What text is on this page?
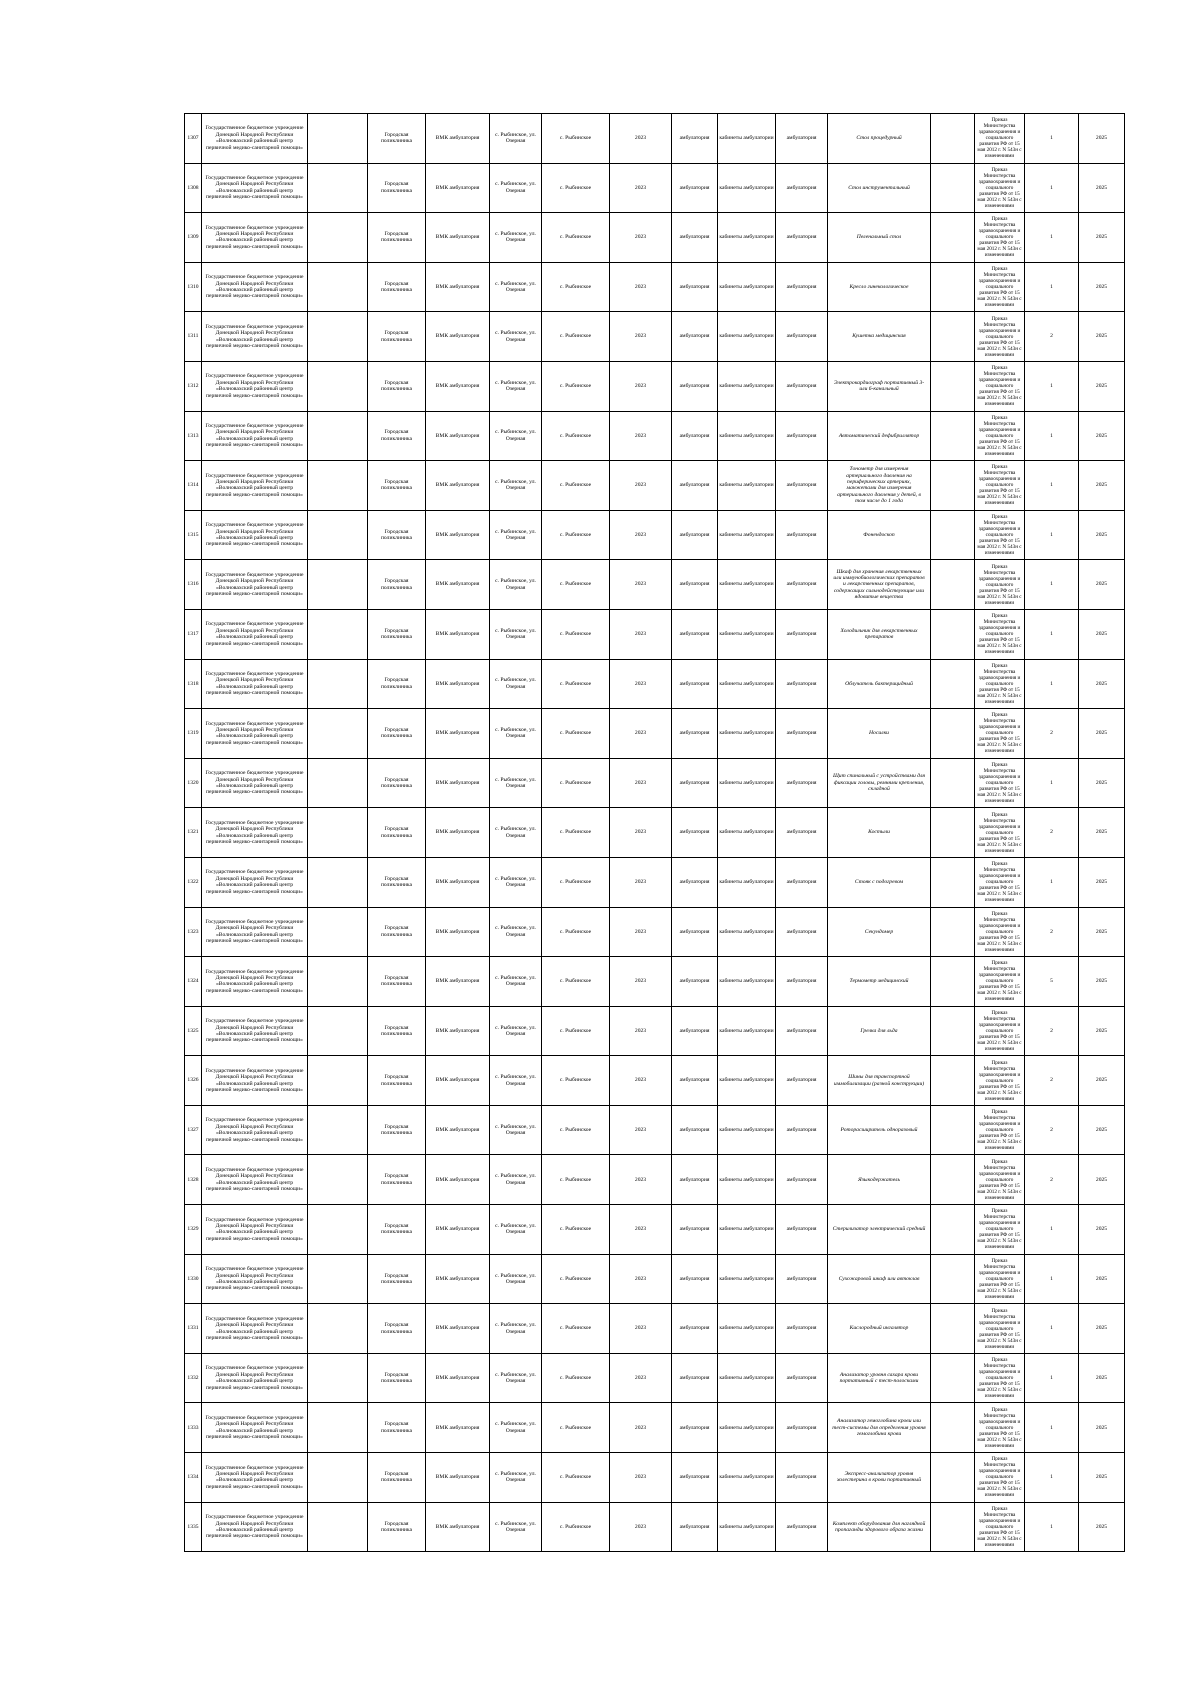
1307	Государственное бюджетное учреждение Донецкой Народной Республики «Волновахский районный центр первичной медико-санитарной помощи»		Городская поликлиника	ВМК амбулатория	с. Рыбинское, ул. Озерная	с. Рыбинское	2023	амбулатория	кабинеты амбулатории	амбулатория	Стол процедурный		Приказ Министерства здравоохранения и социального развития РФ от 15 мая 2012 г. N 543н с изменениями	1	2025
1308	Государственное бюджетное учреждение Донецкой Народной Республики «Волновахский районный центр первичной медико-санитарной помощи»		Городская поликлиника	ВМК амбулатория	с. Рыбинское, ул. Озерная	с. Рыбинское	2023	амбулатория	кабинеты амбулатории	амбулатория	Стол инструментальный		Приказ Министерства здравоохранения и социального развития РФ от 15 мая 2012 г. N 543н с изменениями	1	2025
1309	Государственное бюджетное учреждение Донецкой Народной Республики «Волновахский районный центр первичной медико-санитарной помощи»		Городская поликлиника	ВМК амбулатория	с. Рыбинское, ул. Озерная	с. Рыбинское	2023	амбулатория	кабинеты амбулатории	амбулатория	Пеленальный стол		Приказ Министерства здравоохранения и социального развития РФ от 15 мая 2012 г. N 543н с изменениями	1	2025
1310	Государственное бюджетное учреждение Донецкой Народной Республики «Волновахский районный центр первичной медико-санитарной помощи»		Городская поликлиника	ВМК амбулатория	с. Рыбинское, ул. Озерная	с. Рыбинское	2023	амбулатория	кабинеты амбулатории	амбулатория	Кресло гинекологическое		Приказ Министерства здравоохранения и социального развития РФ от 15 мая 2012 г. N 543н с изменениями	1	2025
1311	Государственное бюджетное учреждение Донецкой Народной Республики «Волновахский районный центр первичной медико-санитарной помощи»		Городская поликлиника	ВМК амбулатория	с. Рыбинское, ул. Озерная	с. Рыбинское	2023	амбулатория	кабинеты амбулатории	амбулатория	Кушетка медицинская		Приказ Министерства здравоохранения и социального развития РФ от 15 мая 2012 г. N 543н с изменениями	2	2025
1312	Государственное бюджетное учреждение Донецкой Народной Республики «Волновахский районный центр первичной медико-санитарной помощи»		Городская поликлиника	ВМК амбулатория	с. Рыбинское, ул. Озерная	с. Рыбинское	2023	амбулатория	кабинеты амбулатории	амбулатория	Электрокардиограф портативный 3-или 6-канальный		Приказ Министерства здравоохранения и социального развития РФ от 15 мая 2012 г. N 543н с изменениями	1	2025
1313	Государственное бюджетное учреждение Донецкой Народной Республики «Волновахский районный центр первичной медико-санитарной помощи»		Городская поликлиника	ВМК амбулатория	с. Рыбинское, ул. Озерная	с. Рыбинское	2023	амбулатория	кабинеты амбулатории	амбулатория	Автоматический дефибриллятор		Приказ Министерства здравоохранения и социального развития РФ от 15 мая 2012 г. N 543н с изменениями	1	2025
1314	Государственное бюджетное учреждение Донецкой Народной Республики «Волновахский районный центр первичной медико-санитарной помощи»		Городская поликлиника	ВМК амбулатория	с. Рыбинское, ул. Озерная	с. Рыбинское	2023	амбулатория	кабинеты амбулатории	амбулатория	Тонометр для измерения артериального давления на периферических артериях, манжетами для измерения артериального давления у детей, в том числе до 1 года		Приказ Министерства здравоохранения и социального развития РФ от 15 мая 2012 г. N 543н с изменениями	1	2025
1315	Государственное бюджетное учреждение Донецкой Народной Республики «Волновахский районный центр первичной медико-санитарной помощи»		Городская поликлиника	ВМК амбулатория	с. Рыбинское, ул. Озерная	с. Рыбинское	2023	амбулатория	кабинеты амбулатории	амбулатория	Фонендоскоп		Приказ Министерства здравоохранения и социального развития РФ от 15 мая 2012 г. N 543н с изменениями	1	2025
1316	Государственное бюджетное учреждение Донецкой Народной Республики «Волновахский районный центр первичной медико-санитарной помощи»		Городская поликлиника	ВМК амбулатория	с. Рыбинское, ул. Озерная	с. Рыбинское	2023	амбулатория	кабинеты амбулатории	амбулатория	Шкаф для хранения лекарственных или иммунобиологических препаратов и лекарственных препаратов, содержащих сильнодействующие или ядовитые вещества		Приказ Министерства здравоохранения и социального развития РФ от 15 мая 2012 г. N 543н с изменениями	1	2025
1317	Государственное бюджетное учреждение Донецкой Народной Республики «Волновахский районный центр первичной медико-санитарной помощи»		Городская поликлиника	ВМК амбулатория	с. Рыбинское, ул. Озерная	с. Рыбинское	2023	амбулатория	кабинеты амбулатории	амбулатория	Холодильник для лекарственных препаратов		Приказ Министерства здравоохранения и социального развития РФ от 15 мая 2012 г. N 543н с изменениями	1	2025
1318	Государственное бюджетное учреждение Донецкой Народной Республики «Волновахский районный центр первичной медико-санитарной помощи»		Городская поликлиника	ВМК амбулатория	с. Рыбинское, ул. Озерная	с. Рыбинское	2023	амбулатория	кабинеты амбулатории	амбулатория	Облучатель бактерицидный		Приказ Министерства здравоохранения и социального развития РФ от 15 мая 2012 г. N 543н с изменениями	1	2025
1319	Государственное бюджетное учреждение Донецкой Народной Республики «Волновахский районный центр первичной медико-санитарной помощи»		Городская поликлиника	ВМК амбулатория	с. Рыбинское, ул. Озерная	с. Рыбинское	2023	амбулатория	кабинеты амбулатории	амбулатория	Носилки		Приказ Министерства здравоохранения и социального развития РФ от 15 мая 2012 г. N 543н с изменениями	2	2025
1320	Государственное бюджетное учреждение Донецкой Народной Республики «Волновахский районный центр первичной медико-санитарной помощи»		Городская поликлиника	ВМК амбулатория	с. Рыбинское, ул. Озерная	с. Рыбинское	2023	амбулатория	кабинеты амбулатории	амбулатория	Щит спинальный с устройствами для фиксации головы, ремнями крепления, складной		Приказ Министерства здравоохранения и социального развития РФ от 15 мая 2012 г. N 543н с изменениями	1	2025
1321	Государственное бюджетное учреждение Донецкой Народной Республики «Волновахский районный центр первичной медико-санитарной помощи»		Городская поликлиника	ВМК амбулатория	с. Рыбинское, ул. Озерная	с. Рыбинское	2023	амбулатория	кабинеты амбулатории	амбулатория	Костыли		Приказ Министерства здравоохранения и социального развития РФ от 15 мая 2012 г. N 543н с изменениями	2	2025
1322	Государственное бюджетное учреждение Донецкой Народной Республики «Волновахский районный центр первичной медико-санитарной помощи»		Городская поликлиника	ВМК амбулатория	с. Рыбинское, ул. Озерная	с. Рыбинское	2023	амбулатория	кабинеты амбулатории	амбулатория	Стояк с подогревом		Приказ Министерства здравоохранения и социального развития РФ от 15 мая 2012 г. N 543н с изменениями	1	2025
1323	Государственное бюджетное учреждение Донецкой Народной Республики «Волновахский районный центр первичной медико-санитарной помощи»		Городская поликлиника	ВМК амбулатория	с. Рыбинское, ул. Озерная	с. Рыбинское	2023	амбулатория	кабинеты амбулатории	амбулатория	Секундомер		Приказ Министерства здравоохранения и социального развития РФ от 15 мая 2012 г. N 543н с изменениями	2	2025
1324	Государственное бюджетное учреждение Донецкой Народной Республики «Волновахский районный центр первичной медико-санитарной помощи»		Городская поликлиника	ВМК амбулатория	с. Рыбинское, ул. Озерная	с. Рыбинское	2023	амбулатория	кабинеты амбулатории	амбулатория	Термометр медицинский		Приказ Министерства здравоохранения и социального развития РФ от 15 мая 2012 г. N 543н с изменениями	5	2025
1325	Государственное бюджетное учреждение Донецкой Народной Республики «Волновахский районный центр первичной медико-санитарной помощи»		Городская поликлиника	ВМК амбулатория	с. Рыбинское, ул. Озерная	с. Рыбинское	2023	амбулатория	кабинеты амбулатории	амбулатория	Грелка для льда		Приказ Министерства здравоохранения и социального развития РФ от 15 мая 2012 г. N 543н с изменениями	2	2025
1326	Государственное бюджетное учреждение Донецкой Народной Республики «Волновахский районный центр первичной медико-санитарной помощи»		Городская поликлиника	ВМК амбулатория	с. Рыбинское, ул. Озерная	с. Рыбинское	2023	амбулатория	кабинеты амбулатории	амбулатория	Шины для транспортной иммобилизации (разной конструкции)		Приказ Министерства здравоохранения и социального развития РФ от 15 мая 2012 г. N 543н с изменениями	2	2025
1327	Государственное бюджетное учреждение Донецкой Народной Республики «Волновахский районный центр первичной медико-санитарной помощи»		Городская поликлиника	ВМК амбулатория	с. Рыбинское, ул. Озерная	с. Рыбинское	2023	амбулатория	кабинеты амбулатории	амбулатория	Роторасширитель одноразовый		Приказ Министерства здравоохранения и социального развития РФ от 15 мая 2012 г. N 543н с изменениями	2	2025
1328	Государственное бюджетное учреждение Донецкой Народной Республики «Волновахский районный центр первичной медико-санитарной помощи»		Городская поликлиника	ВМК амбулатория	с. Рыбинское, ул. Озерная	с. Рыбинское	2023	амбулатория	кабинеты амбулатории	амбулатория	Языкодержатель		Приказ Министерства здравоохранения и социального развития РФ от 15 мая 2012 г. N 543н с изменениями	2	2025
1329	Государственное бюджетное учреждение Донецкой Народной Республики «Волновахский районный центр первичной медико-санитарной помощи»		Городская поликлиника	ВМК амбулатория	с. Рыбинское, ул. Озерная	с. Рыбинское	2023	амбулатория	кабинеты амбулатории	амбулатория	Стерилизатор электрический средний		Приказ Министерства здравоохранения и социального развития РФ от 15 мая 2012 г. N 543н с изменениями	1	2025
1330	Государственное бюджетное учреждение Донецкой Народной Республики «Волновахский районный центр первичной медико-санитарной помощи»		Городская поликлиника	ВМК амбулатория	с. Рыбинское, ул. Озерная	с. Рыбинское	2023	амбулатория	кабинеты амбулатории	амбулатория	Сухожаровой шкаф или автоклав		Приказ Министерства здравоохранения и социального развития РФ от 15 мая 2012 г. N 543н с изменениями	1	2025
1331	Государственное бюджетное учреждение Донецкой Народной Республики «Волновахский районный центр первичной медико-санитарной помощи»		Городская поликлиника	ВМК амбулатория	с. Рыбинское, ул. Озерная	с. Рыбинское	2023	амбулатория	кабинеты амбулатории	амбулатория	Кислородный ингалятор		Приказ Министерства здравоохранения и социального развития РФ от 15 мая 2012 г. N 543н с изменениями	1	2025
1332	Государственное бюджетное учреждение Донецкой Народной Республики «Волновахский районный центр первичной медико-санитарной помощи»		Городская поликлиника	ВМК амбулатория	с. Рыбинское, ул. Озерная	с. Рыбинское	2023	амбулатория	кабинеты амбулатории	амбулатория	Анализатор уровня сахара крови портативный с тест-полосками		Приказ Министерства здравоохранения и социального развития РФ от 15 мая 2012 г. N 543н с изменениями	1	2025
1333	Государственное бюджетное учреждение Донецкой Народной Республики «Волновахский районный центр первичной медико-санитарной помощи»		Городская поликлиника	ВМК амбулатория	с. Рыбинское, ул. Озерная	с. Рыбинское	2023	амбулатория	кабинеты амбулатории	амбулатория	Анализатор гемоглобина крови или тест-системы для определения уровня гемоглобина крови		Приказ Министерства здравоохранения и социального развития РФ от 15 мая 2012 г. N 543н с изменениями	1	2025
1334	Государственное бюджетное учреждение Донецкой Народной Республики «Волновахский районный центр первичной медико-санитарной помощи»		Городская поликлиника	ВМК амбулатория	с. Рыбинское, ул. Озерная	с. Рыбинское	2023	амбулатория	кабинеты амбулатории	амбулатория	Экспресс-анализатор уровня холестерина в крови портативный		Приказ Министерства здравоохранения и социального развития РФ от 15 мая 2012 г. N 543н с изменениями	1	2025
1335	Государственное бюджетное учреждение Донецкой Народной Республики «Волновахский районный центр первичной медико-санитарной помощи»		Городская поликлиника	ВМК амбулатория	с. Рыбинское, ул. Озерная	с. Рыбинское	2023	амбулатория	кабинеты амбулатории	амбулатория	Комплект оборудования для наглядной пропаганды здорового образа жизни		Приказ Министерства здравоохранения и социального развития РФ от 15 мая 2012 г. N 543н с изменениями	1	2025
